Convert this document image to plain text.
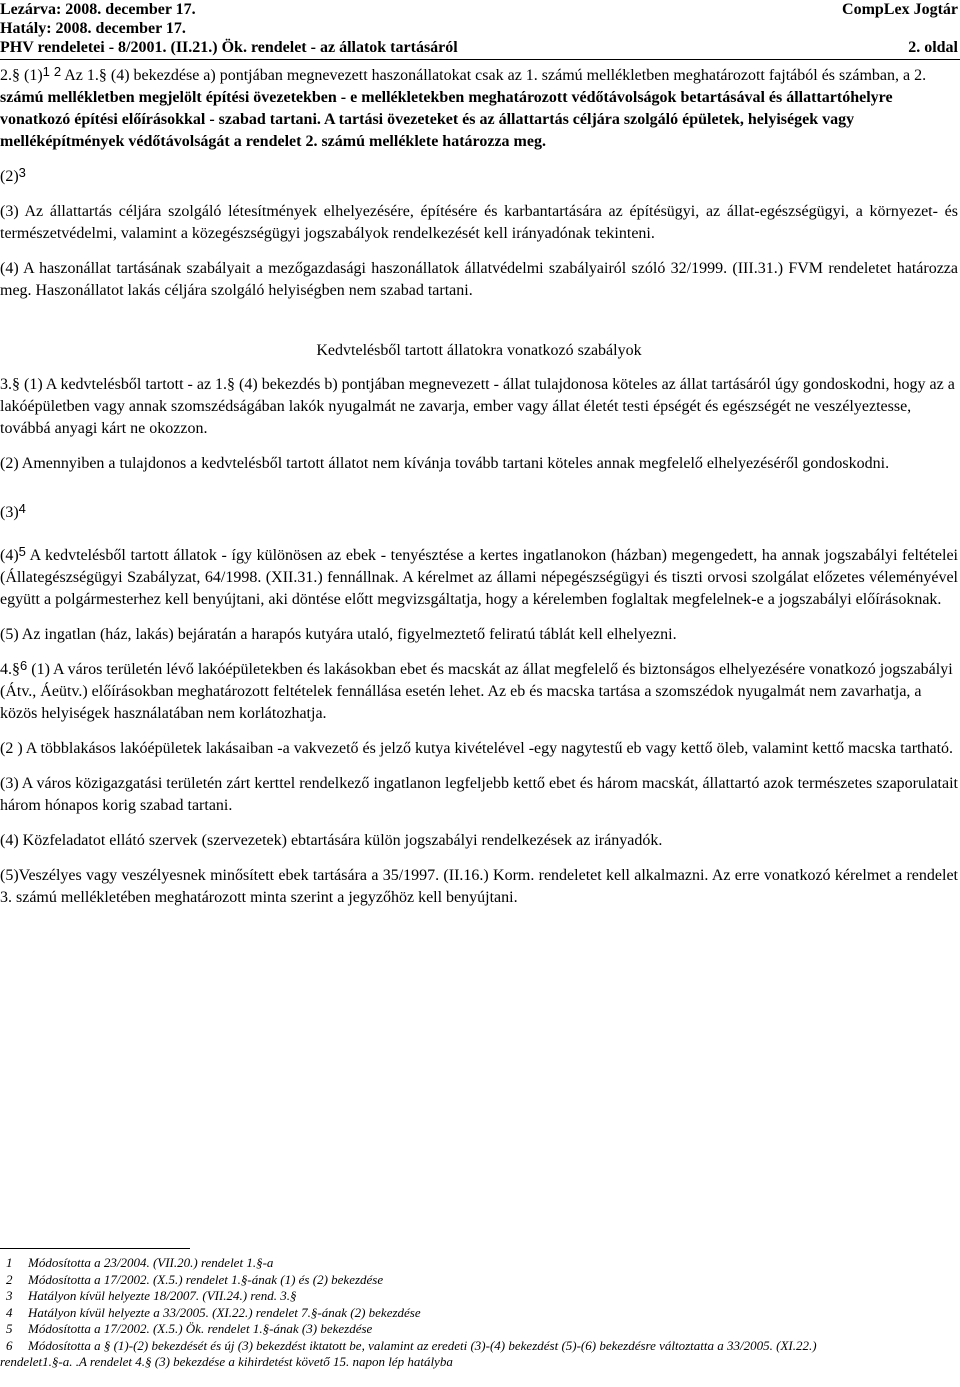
Lezárva: 2008. december 17.
Hatály: 2008. december 17.
PHV rendeletei - 8/2001. (II.21.) Ök. rendelet - az állatok tartásáról
CompLex Jogtár
2. oldal

2.§ $(1)^1$ $^2$ Az 1.§ (4) bekezdése a) pontjában megnevezett haszonállatokat csak az 1. számú mellékletben meghatározott fajtából és számban, a 2. számú mellékletben megjelölt építési övezetekben - e mellékletekben meghatározott védőtávolságok betartásával és állattartóhelyre vonatkozó építési előírásokkal - szabad tartani. A tartási övezeteket és az állattartás céljára szolgáló épületek, helyiségek vagy melléképítmények védőtávolságát a rendelet 2. számú melléklete határozza meg.

$(2)^3$

(3) Az állattartás céljára szolgáló létesítmények elhelyezésére, építésére és karbantartására az építésügyi, az állat-egészségügyi, a környezet- és természetvédelmi, valamint a közegészségügyi jogszabályok rendelkezését kell irányadónak tekinteni.

(4) A haszonállat tartásának szabályait a mezőgazdasági haszonállatok állatvédelmi szabályairól szóló 32/1999. (III.31.) FVM rendeletet határozza meg. Haszonállatot lakás céljára szolgáló helyiségben nem szabad tartani.

Kedvtelésből tartott állatokra vonatkozó szabályok

3.§ (1) A kedvtelésből tartott - az 1.§ (4) bekezdés b) pontjában megnevezett - állat tulajdonosa köteles az állat tartásáról úgy gondoskodni, hogy az a lakóépületben vagy annak szomszédságában lakók nyugalmát ne zavarja, ember vagy állat életét testi épségét és egészségét ne veszélyeztesse, továbbá anyagi kárt ne okozzon.

(2) Amennyiben a tulajdonos a kedvtelésből tartott állatot nem kívánja tovább tartani köteles annak megfelelő elhelyezéséről gondoskodni.

$(3)^4$

$(4)^5$ A kedvtelésből tartott állatok - így különösen az ebek - tenyésztése a kertes ingatlanokon (házban) megengedett, ha annak jogszabályi feltételei (Állategészségügyi Szabályzat, 64/1998. (XII.31.) fennállnak. A kérelmet az állami népegészségügyi és tiszti orvosi szolgálat előzetes véleményével együtt a polgármesterhez kell benyújtani, aki döntése előtt megvizsgáltatja, hogy a kérelemben foglaltak megfelelnek-e a jogszabályi előírásoknak.

(5) Az ingatlan (ház, lakás) bejáratán a harapós kutyára utaló, figyelmeztető feliratú táblát kell elhelyezni.

4.§$^6$ (1) A város területén lévő lakóépületekben és lakásokban ebet és macskát az állat megfelelő és biztonságos elhelyezésére vonatkozó jogszabályi (Átv., Áeütv.) előírásokban meghatározott feltételek fennállása esetén lehet. Az eb és macska tartása a szomszédok nyugalmát nem zavarhatja, a közös helyiségek használatában nem korlátozhatja.

(2 ) A többlakásos lakóépületek lakásaiban -a vakvezető és jelző kutya kivételével -egy nagytestű eb vagy kettő öleb, valamint kettő macska tartható.

(3) A város közigazgatási területén zárt kerttel rendelkező ingatlanon legfeljebb kettő ebet és három macskát, állattartó azok természetes szaporulatait három hónapos korig szabad tartani.

(4) Közfeladatot ellátó szervek (szervezetek) ebtartására külön jogszabályi rendelkezések az irányadók.

(5)Veszélyes vagy veszélyesnek minősített ebek tartására a 35/1997. (II.16.) Korm. rendeletet kell alkalmazni. Az erre vonatkozó kérelmet a rendelet 3. számú mellékletében meghatározott minta szerint a jegyzőhöz kell benyújtani.

1	Módosította a 23/2004. (VII.20.) rendelet 1.§-a
2	Módosította a 17/2002. (X.5.) rendelet 1.§-ának (1) és (2) bekezdése
3	Hatályon kívül helyezte 18/2007. (VII.24.) rend. 3.§
4	Hatályon kívül helyezte a 33/2005. (XI.22.) rendelet 7.§-ának (2) bekezdése
5	Módosította a 17/2002. (X.5.) Ök. rendelet 1.§-ának (3) bekezdése
6	Módosította a § (1)-(2) bekezdését és új (3) bekezdést iktatott be, valamint az eredeti (3)-(4) bekezdést (5)-(6) bekezdésre változtatta a 33/2005. (XI.22.)
rendelet1.§-a. .A rendelet 4.§ (3) bekezdése a kihirdetést követő 15. napon lép hatályba
